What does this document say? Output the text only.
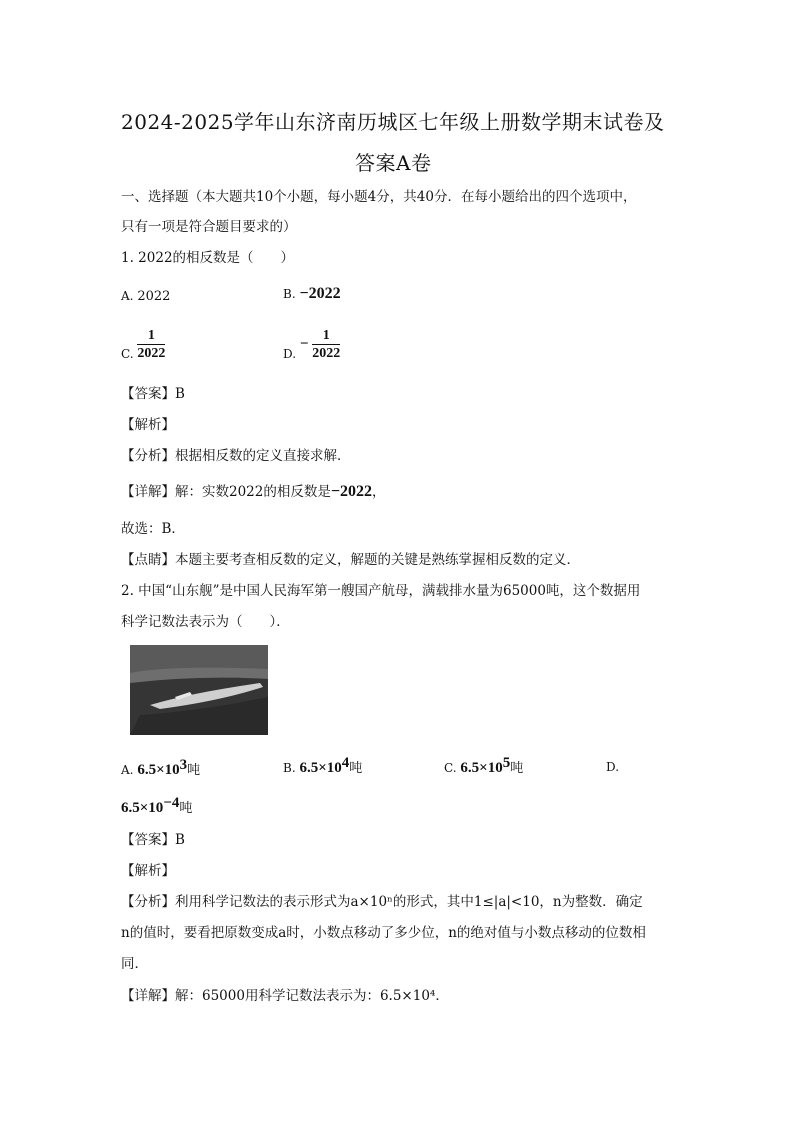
2024-2025学年山东济南历城区七年级上册数学期末试卷及
答案A卷
一、选择题（本大题共10个小题，每小题4分，共40分．在每小题给出的四个选项中，
只有一项是符合题目要求的）
1. 2022的相反数是（　　）
A. 2022	B. −2022
C. $\frac{1}{2022}$	D. − $\frac{1}{2022}$
【答案】B
【解析】
【分析】根据相反数的定义直接求解．
【详解】解：实数2022的相反数是−2022，
故选：B．
【点睛】本题主要考查相反数的定义，解题的关键是熟练掌握相反数的定义．
2. 中国“山东舰”是中国人民海军第一艘国产航母，满载排水量为65000吨，这个数据用
科学记数法表示为（　　）．
A. $6.5\times 10^3$吨	B. $6.5\times 10^4$吨	C. $6.5\times 10^5$吨	D.
$6.5\times 10^{-4}$吨
【答案】B
【解析】
【分析】利用科学记数法的表示形式为a×10ⁿ的形式，其中1≤|a|<10，n为整数．确定
n的值时，要看把原数变成a时，小数点移动了多少位，n的绝对值与小数点移动的位数相
同．
【详解】解：65000用科学记数法表示为：6.5×10⁴．
